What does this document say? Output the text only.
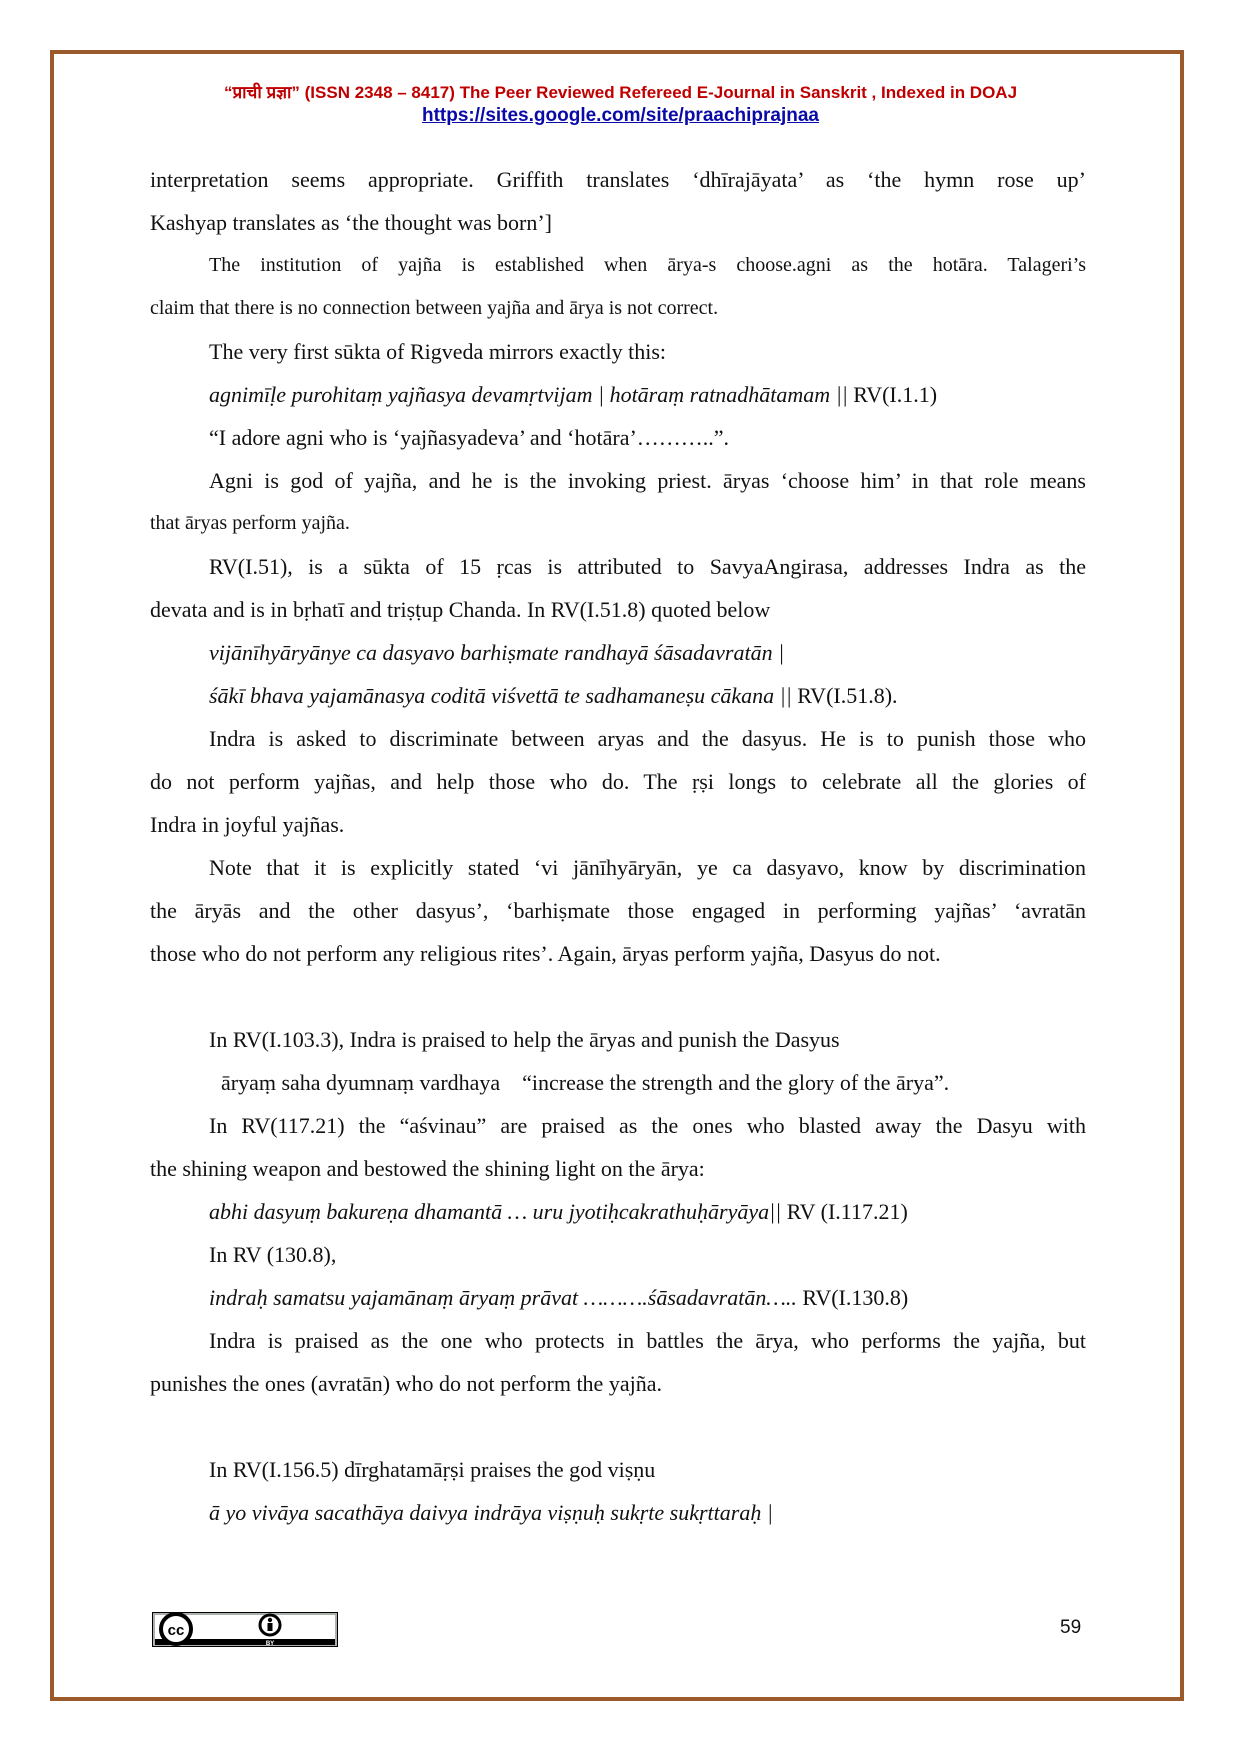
“प्राची प्रज्ञा” (ISSN 2348 – 8417) The Peer Reviewed Refereed E-Journal in Sanskrit , Indexed in DOAJ
https://sites.google.com/site/praachiprajnaa

interpretation seems appropriate. Griffith translates ‘dhīrajāyata’ as ‘the hymn rose up’

Kashyap translates as ‘the thought was born’]

The institution of yajña is established when ārya-s choose.agni as the hotāra. Talageri’s

claim that there is no connection between yajña and ārya is not correct.

The very first sūkta of Rigveda mirrors exactly this:

agnimīḷe purohitaṃ yajñasya devamṛtvijam | hotāraṃ ratnadhātamam || RV(I.1.1)

“I adore agni who is ‘yajñasyadeva’ and ‘hotāra’………..”.

Agni is god of yajña, and he is the invoking priest. āryas ‘choose him’ in that role means

that āryas perform yajña.

RV(I.51), is a sūkta of 15 ṛcas is attributed to SavyaAngirasa, addresses Indra as the

devata and is in bṛhatī and triṣṭup Chanda. In RV(I.51.8) quoted below

vijānīhyāryānye ca dasyavo barhiṣmate randhayā śāsadavratān |

śākī bhava yajamānasya coditā viśvettā te sadhamaneṣu cākana || RV(I.51.8).

Indra is asked to discriminate between aryas and the dasyus. He is to punish those who

do not perform yajñas, and help those who do. The ṛṣi longs to celebrate all the glories of

Indra in joyful yajñas.

Note that it is explicitly stated ‘vi jānīhyāryān, ye ca dasyavo, know by discrimination

the āryās and the other dasyus’, ‘barhiṣmate those engaged in performing yajñas’ ‘avratān

those who do not perform any religious rites’. Again, āryas perform yajña, Dasyus do not.

In RV(I.103.3), Indra is praised to help the āryas and punish the Dasyus

āryaṃ saha dyumnaṃ vardhaya    “increase the strength and the glory of the ārya”.

In RV(117.21) the “aśvinau” are praised as the ones who blasted away the Dasyu with

the shining weapon and bestowed the shining light on the ārya:

abhi dasyuṃ bakureṇa dhamantā … uru jyotiḥcakrathuḥāryāya|| RV (I.117.21)

In RV (130.8),

indraḥ samatsu yajamānaṃ āryaṃ prāvat ……….śāsadavratān….. RV(I.130.8)

Indra is praised as the one who protects in battles the ārya, who performs the yajña, but

punishes the ones (avratān) who do not perform the yajña.

In RV(I.156.5) dīrghatamāṛṣi praises the god viṣṇu

ā yo vivāya sacathāya daivya indrāya viṣṇuḥ sukṛte sukṛttaraḥ |

cc
BY
59
